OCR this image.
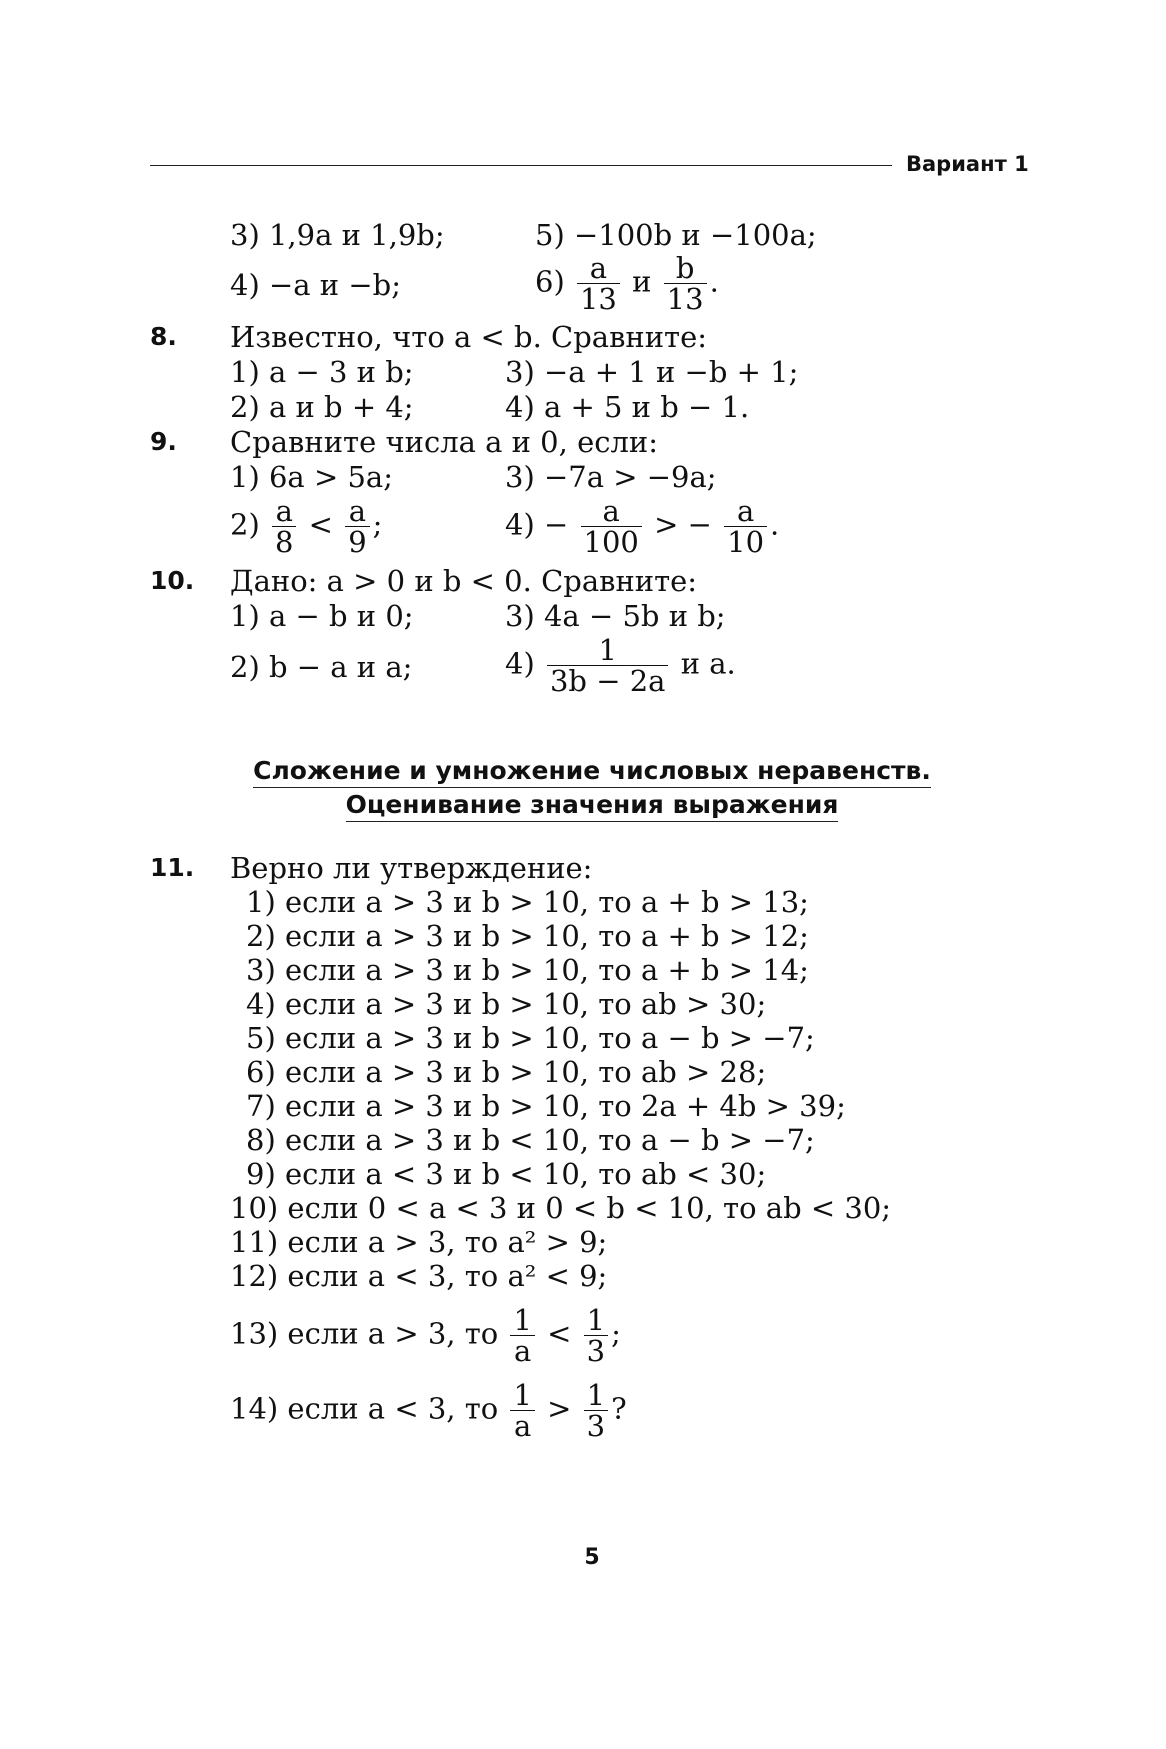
Вариант 1
3) 1,9a и 1,9b;	5) −100b и −100a;
4) −a и −b;	$6) \frac{a}{13}$ и $\frac{b}{13}$ .
8. Известно, что a < b. Сравните:
1) a − 3 и b;	3) −a + 1 и −b + 1;
2) a и b + 4;	4) a + 5 и b − 1.
9. Сравните числа a и 0, если:
1) 6a > 5a;	3) −7a > −9a;
$2) \frac{a}{8} < \frac{a}{9}$ ;	$4) - \frac{a}{100}$ > − $\frac{a}{10}$ .
10. Дано: a > 0 и b < 0. Сравните:
1) a − b и 0;	3) 4a − 5b и b;
2) b − a и a;	$4) \frac{1}{3b - 2a}$ и a.
Сложение и умножение числовых неравенств.
Оценивание значения выражения
11. Верно ли утверждение:
1) если a > 3 и b > 10, то a + b > 13;
2) если a > 3 и b > 10, то a + b > 12;
3) если a > 3 и b > 10, то a + b > 14;
4) если a > 3 и b > 10, то ab > 30;
5) если a > 3 и b > 10, то a − b > −7;
6) если a > 3 и b > 10, то ab > 28;
7) если a > 3 и b > 10, то 2a + 4b > 39;
8) если a > 3 и b < 10, то a − b > −7;
9) если a < 3 и b < 10, то ab < 30;
10) если 0 < a < 3 и 0 < b < 10, то ab < 30;
11) если a > 3, то a² > 9;
12) если a < 3, то a² < 9;
13) если a > 3, то $\frac{1}{a} < \frac{1}{3}$ ;
14) если a < 3, то $\frac{1}{a} > \frac{1}{3}$ ?
5
